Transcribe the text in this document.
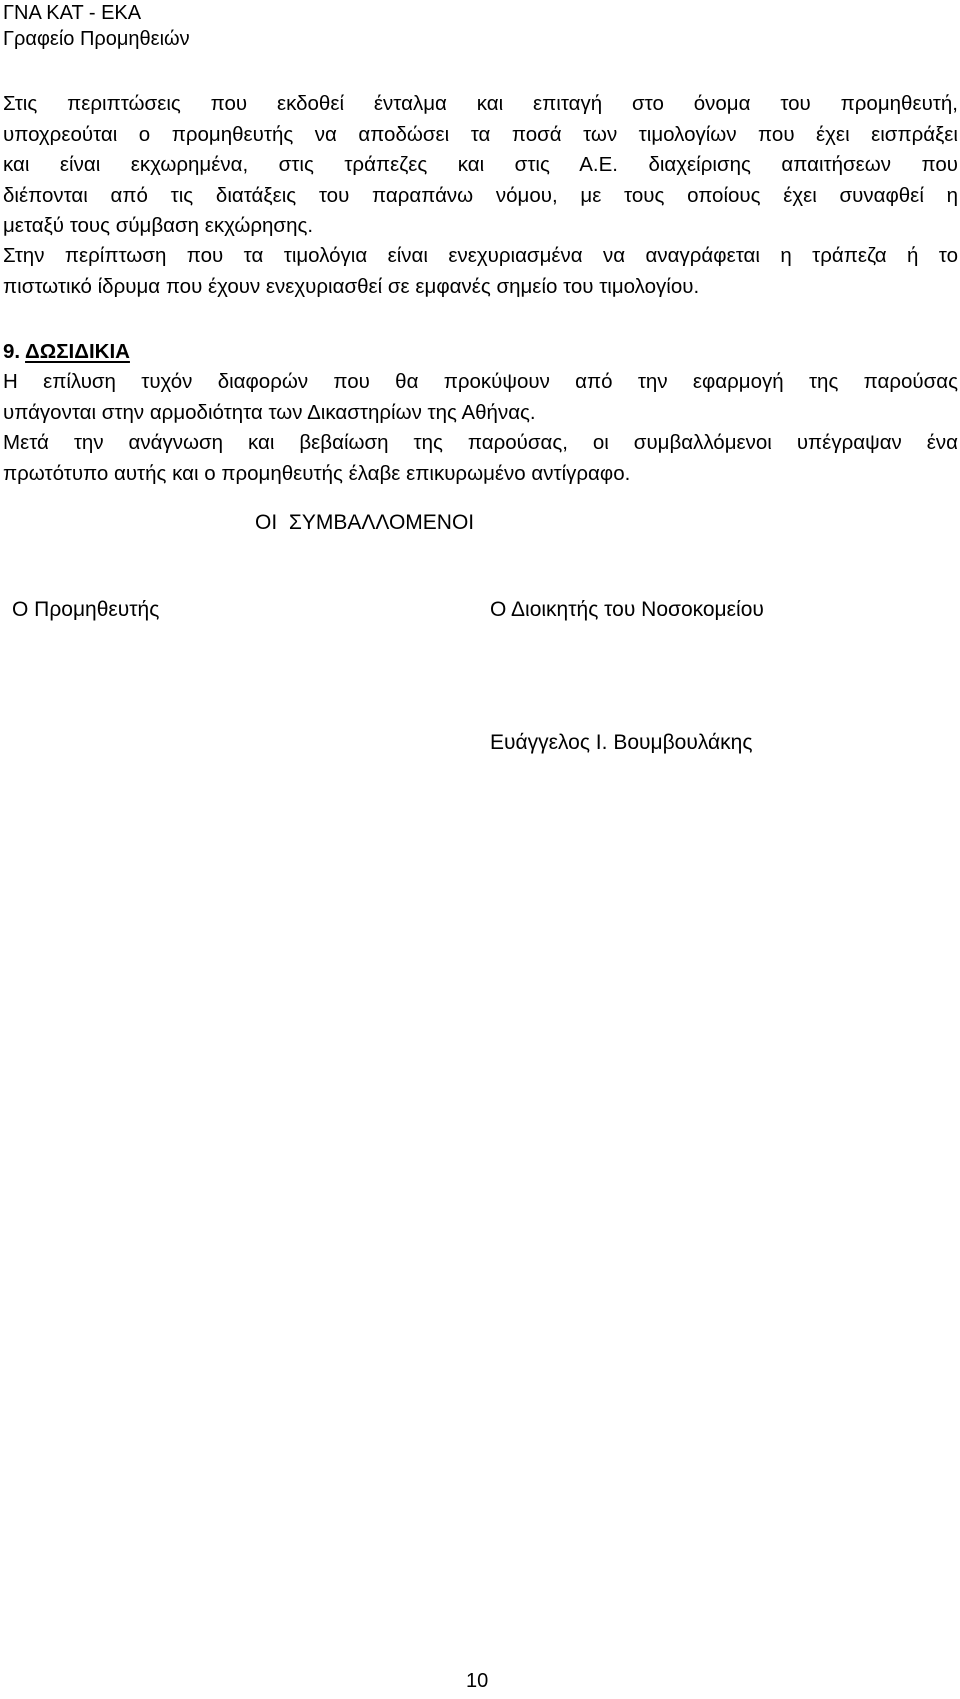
ΓΝΑ ΚΑΤ - ΕΚΑ
Γραφείο Προμηθειών
Στις περιπτώσεις που εκδοθεί ένταλμα και επιταγή στο όνομα του προμηθευτή,
υποχρεούται ο προμηθευτής να αποδώσει τα ποσά των τιμολογίων που έχει εισπράξει
και είναι εκχωρημένα, στις τράπεζες και στις Α.Ε. διαχείρισης απαιτήσεων που
διέπονται από τις διατάξεις του παραπάνω νόμου, με τους οποίους έχει συναφθεί η
μεταξύ τους σύμβαση εκχώρησης.
Στην περίπτωση που τα τιμολόγια είναι ενεχυριασμένα να αναγράφεται η τράπεζα ή το
πιστωτικό ίδρυμα που έχουν ενεχυριασθεί σε εμφανές σημείο του τιμολογίου.
9. ΔΩΣΙΔΙΚΙΑ
Η επίλυση τυχόν διαφορών που θα προκύψουν από την εφαρμογή της παρούσας
υπάγονται στην αρμοδιότητα των Δικαστηρίων της Αθήνας.
Μετά την ανάγνωση και βεβαίωση της παρούσας, οι συμβαλλόμενοι υπέγραψαν ένα
πρωτότυπο αυτής και ο προμηθευτής έλαβε επικυρωμένο αντίγραφο.
ΟΙ  ΣΥΜΒΑΛΛΟΜΕΝΟΙ
Ο Προμηθευτής	Ο Διοικητής του Νοσοκομείου
Ευάγγελος Ι. Βουμβουλάκης
10
